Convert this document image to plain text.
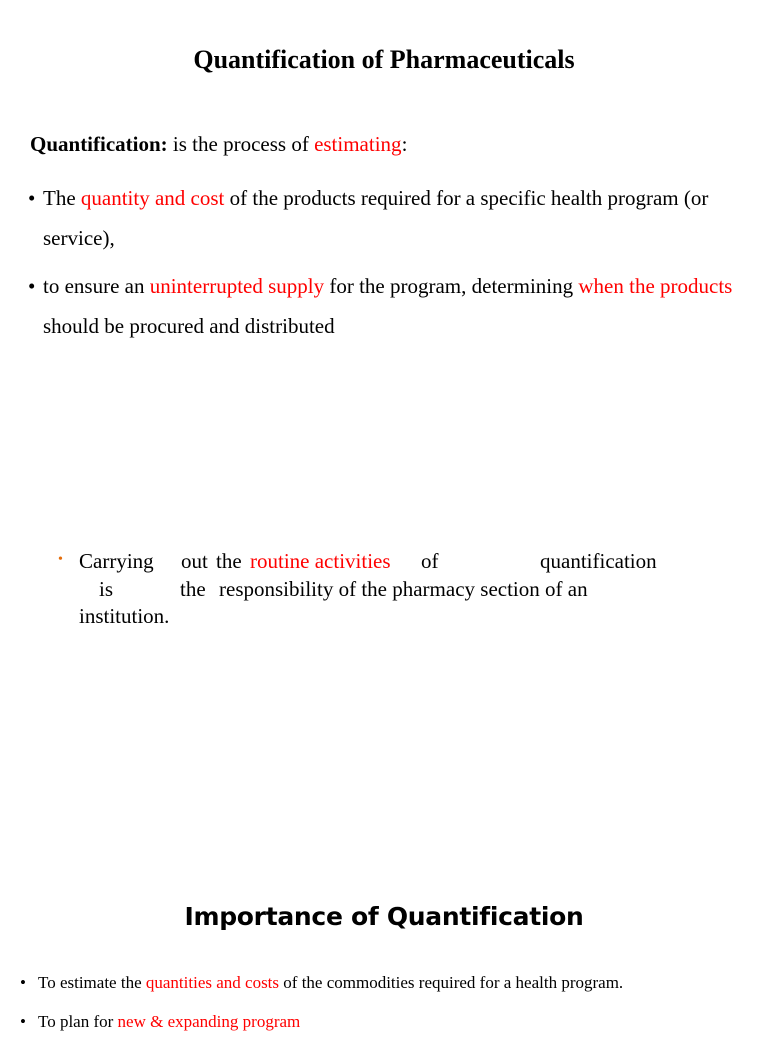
Quantification of Pharmaceuticals

Quantification: is the process of estimating:

• The quantity and cost of the products required for a specific health program (or service),
• to ensure an uninterrupted supply for the program, determining when the products should be procured and distributed
• Carrying out the routine activities of	quantification
is	the responsibility of the pharmacy section of an
institution.
Importance of Quantification
• To estimate the quantities and costs of the commodities required for a health program.
• To plan for new & expanding program
